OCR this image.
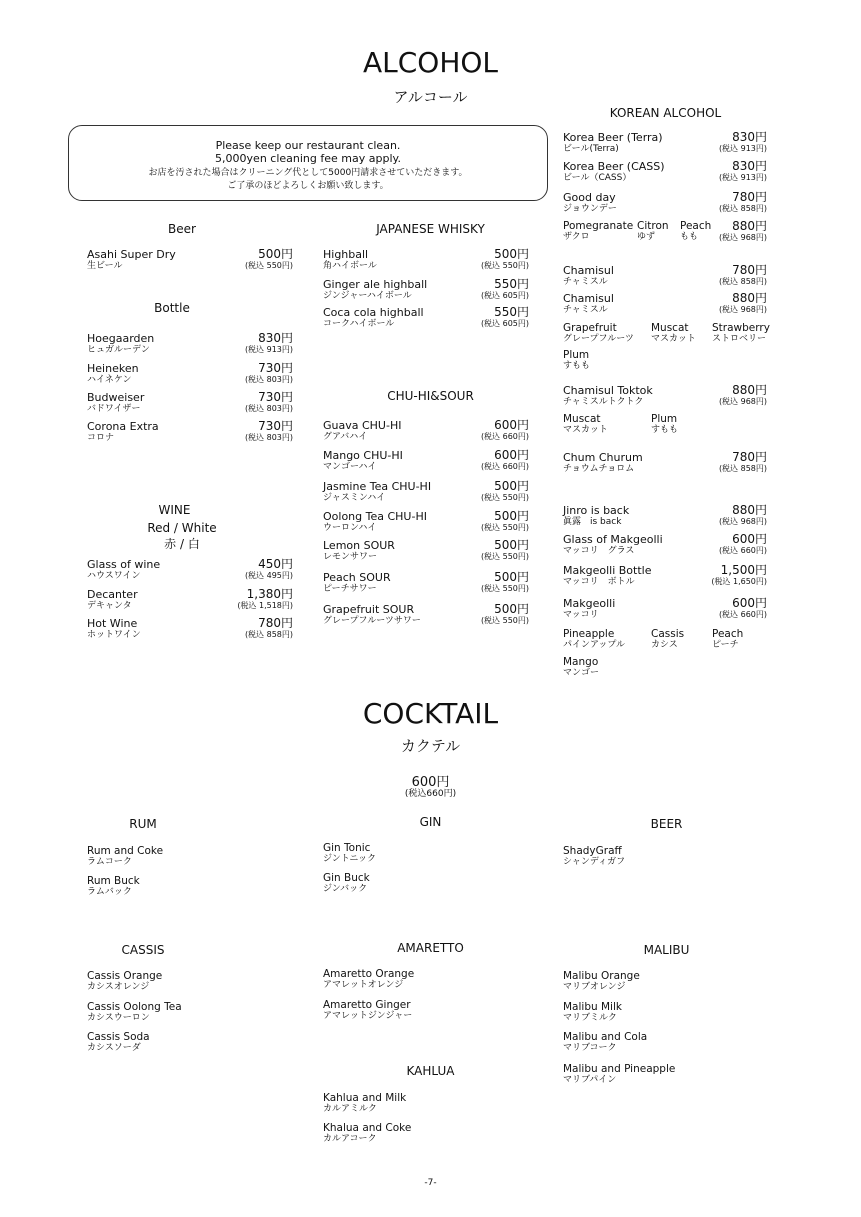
ALCOHOL
アルコール
Please keep our restaurant clean.
5,000yen cleaning fee may apply.
お店を汚された場合はクリーニング代として5000円請求させていただきます。
ご了承のほどよろしくお願い致します。
Beer
Bottle
WINE
Red / White
赤 / 白
JAPANESE WHISKY
CHU-HI&SOUR
KOREAN ALCOHOL
Asahi Super Dry
生ビール
500円
(税込 550円)
Hoegaarden
ヒュガルーデン
830円
(税込 913円)
Heineken
ハイネケン
730円
(税込 803円)
Budweiser
バドワイザー
730円
(税込 803円)
Corona Extra
コロナ
730円
(税込 803円)
Glass of wine
ハウスワイン
450円
(税込 495円)
Decanter
デキャンタ
1,380円
(税込 1,518円)
Hot Wine
ホットワイン
780円
(税込 858円)
Highball
角ハイボール
500円
(税込 550円)
Ginger ale highball
ジンジャーハイボール
550円
(税込 605円)
Coca cola highball
コークハイボール
550円
(税込 605円)
Guava CHU-HI
グアバハイ
600円
(税込 660円)
Mango CHU-HI
マンゴーハイ
600円
(税込 660円)
Jasmine Tea CHU-HI
ジャスミンハイ
500円
(税込 550円)
Oolong Tea CHU-HI
ウーロンハイ
500円
(税込 550円)
Lemon SOUR
レモンサワー
500円
(税込 550円)
Peach SOUR
ピーチサワー
500円
(税込 550円)
Grapefruit SOUR
グレープフルーツサワー
500円
(税込 550円)
Korea Beer (Terra)
ビール(Terra)
830円
(税込 913円)
Korea Beer (CASS)
ビール（CASS）
830円
(税込 913円)
Good day
ジョウンデー
780円
(税込 858円)
Pomegranate
ザクロ
Citron
ゆず
Peach
もも
880円
(税込 968円)
Chamisul
チャミスル
780円
(税込 858円)
Chamisul
チャミスル
880円
(税込 968円)
Grapefruit
グレープフルーツ
Muscat
マスカット
Strawberry
ストロベリー
Plum
すもも
Chamisul Toktok
チャミスルトクトク
880円
(税込 968円)
Muscat
マスカット
Plum
すもも
Chum Churum
チョウムチョロム
780円
(税込 858円)
Jinro is back
眞露　is back
880円
(税込 968円)
Glass of Makgeolli
マッコリ　グラス
600円
(税込 660円)
Makgeolli Bottle
マッコリ　ボトル
1,500円
(税込 1,650円)
Makgeolli
マッコリ
600円
(税込 660円)
Pineapple
パインアップル
Cassis
カシス
Peach
ピーチ
Mango
マンゴー
COCKTAIL
カクテル
600円
(税込660円)
RUM	GIN	BEER
CASSIS	AMARETTO	MALIBU
KAHLUA
Rum and Coke
ラムコーク
Rum Buck
ラムバック
Gin Tonic
ジントニック
Gin Buck
ジンバック
ShadyGraff
シャンディガフ
Cassis Orange
カシスオレンジ
Cassis Oolong Tea
カシスウーロン
Cassis Soda
カシスソーダ
Amaretto Orange
アマレットオレンジ
Amaretto Ginger
アマレットジンジャー
Malibu Orange
マリブオレンジ
Malibu Milk
マリブミルク
Malibu and Cola
マリブコーク
Malibu and Pineapple
マリブパイン
Kahlua and Milk
カルアミルク
Khalua and Coke
カルアコーク
-7-
